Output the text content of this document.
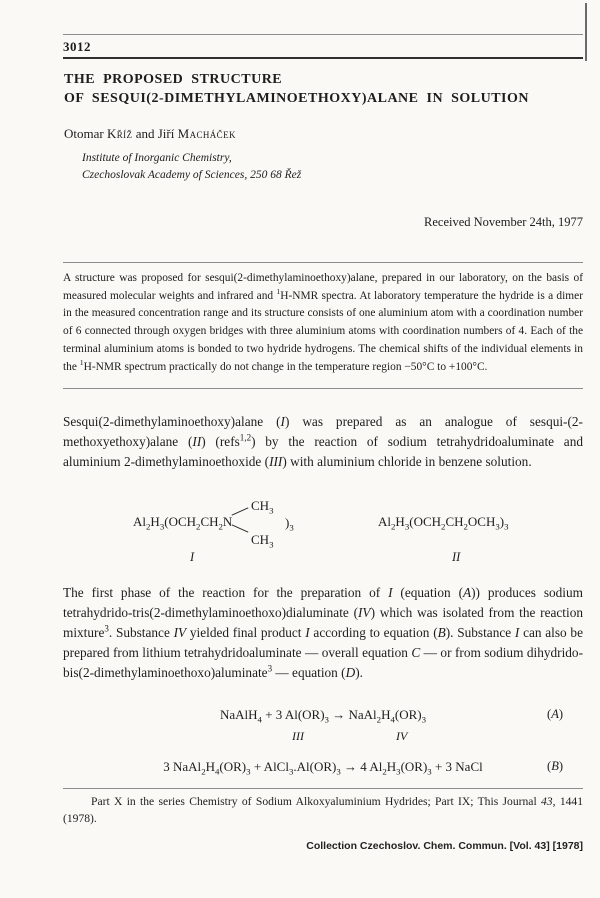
3012
THE PROPOSED STRUCTURE
OF SESQUI(2-DIMETHYLAMINOETHOXY)ALANE IN SOLUTION
Otomar Kříž and Jiří Macháček
Institute of Inorganic Chemistry,
Czechoslovak Academy of Sciences, 250 68 Řež
Received November 24th, 1977
A structure was proposed for sesqui(2-dimethylaminoethoxy)alane, prepared in our laboratory, on the basis of measured molecular weights and infrared and $^1$H-NMR spectra. At laboratory temperature the hydride is a dimer in the measured concentration range and its structure consists of one aluminium atom with a coordination number of 6 connected through oxygen bridges with three aluminium atoms with coordination numbers of 4. Each of the terminal aluminium atoms is bonded to two hydride hydrogens. The chemical shifts of the individual elements in the $^1$H-NMR spectrum practically do not change in the temperature region −50°C to +100°C.
Sesqui(2-dimethylaminoethoxy)alane (I) was prepared as an analogue of sesqui-(2-methoxyethoxy)alane (II) (refs$^{1,2}$) by the reaction of sodium tetrahydridoaluminate and aluminium 2-dimethylaminoethoxide (III) with aluminium chloride in benzene solution.
$CH_3$
$Al_2H_3(OCH_2CH_2N$	)$_3$
$CH_3$
I
$Al_2H_3(OCH_2CH_2OCH_3)_3$
II
The first phase of the reaction for the preparation of I (equation (A)) produces sodium tetrahydrido-tris(2-dimethylaminoethoxo)dialuminate (IV) which was isolated from the reaction mixture$^3$. Substance IV yielded final product I according to equation (B). Substance I can also be prepared from lithium tetrahydridoaluminate — overall equation C — or from sodium dihydrido-bis(2-dimethylaminoethoxo)aluminate$^3$ — equation (D).
NaAlH$_4$ + 3 $Al(OR)_3$ → $NaAl_2H_4(OR)_3$	(A)
III	IV
3 $NaAl_2H_4(OR)_3$ + $AlCl_3.Al(OR)_3 \to 4$ $Al_2H_3(OR)_3 + 3$ NaCl	(B)
Part X in the series Chemistry of Sodium Alkoxyaluminium Hydrides; Part IX; This Journal 43, 1441 (1978).
Collection Czechoslov. Chem. Commun. [Vol. 43] [1978]
